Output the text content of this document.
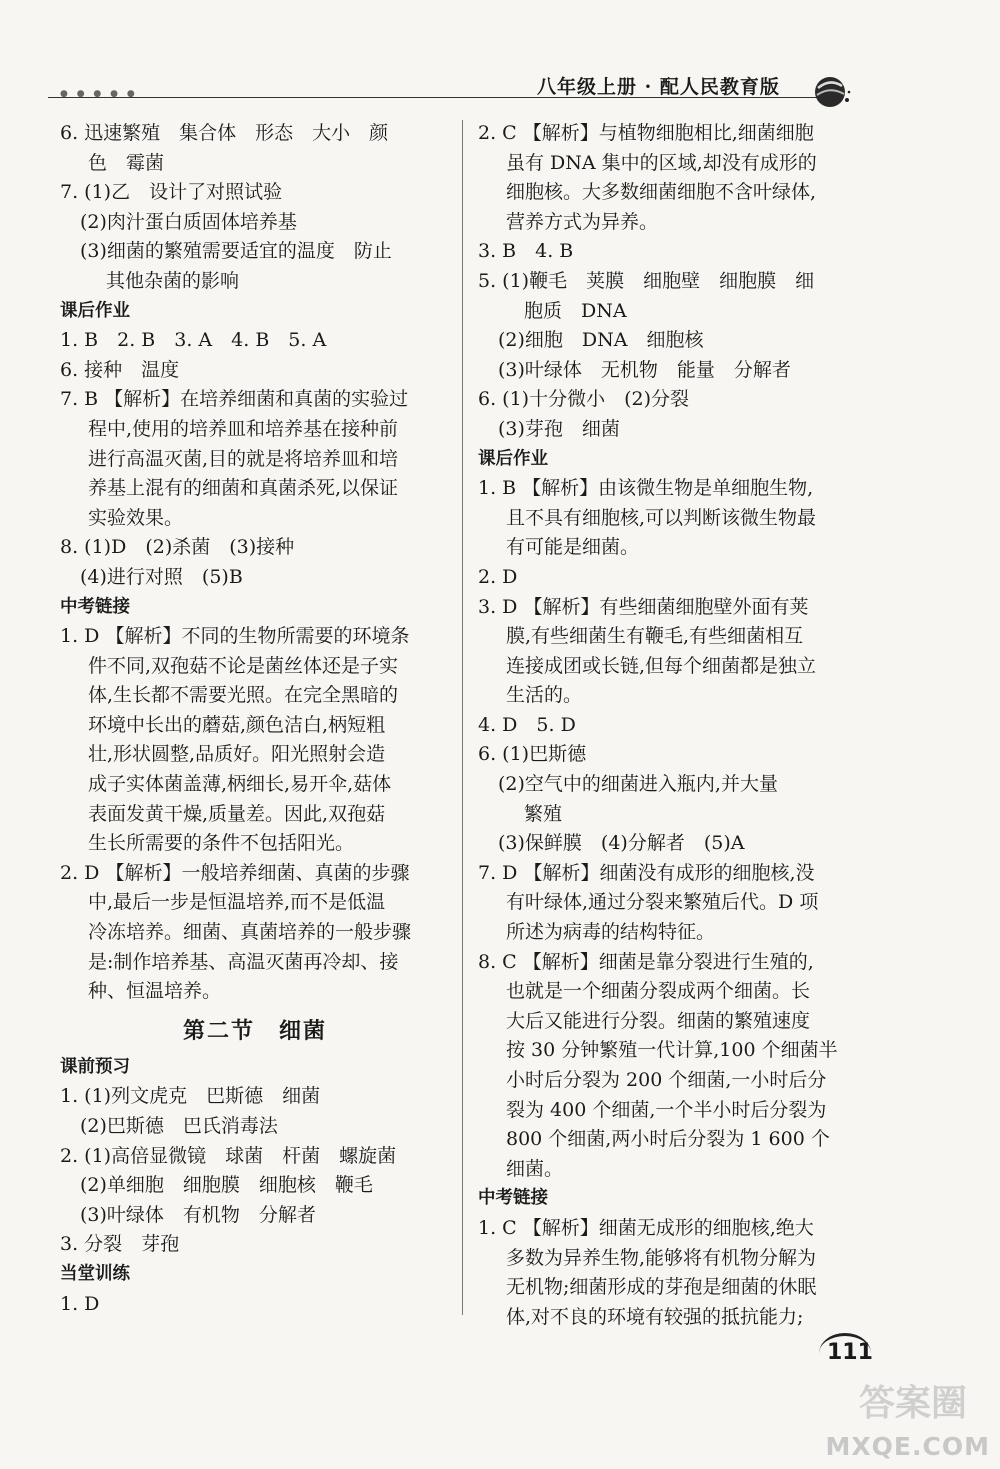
● ● ● ● ●	八年级上册 · 配人民教育版
6. 迅速繁殖　集合体　形态　大小　颜
色　霉菌
7. (1)乙　设计了对照试验
(2)肉汁蛋白质固体培养基
(3)细菌的繁殖需要适宜的温度　防止
其他杂菌的影响
课后作业
1. B　2. B　3. A　4. B　5. A
6. 接种　温度
7. B 【解析】在培养细菌和真菌的实验过
程中,使用的培养皿和培养基在接种前
进行高温灭菌,目的就是将培养皿和培
养基上混有的细菌和真菌杀死,以保证
实验效果。
8. (1)D　(2)杀菌　(3)接种
(4)进行对照　(5)B
中考链接
1. D 【解析】不同的生物所需要的环境条
件不同,双孢菇不论是菌丝体还是子实
体,生长都不需要光照。在完全黑暗的
环境中长出的蘑菇,颜色洁白,柄短粗
壮,形状圆整,品质好。阳光照射会造
成子实体菌盖薄,柄细长,易开伞,菇体
表面发黄干燥,质量差。因此,双孢菇
生长所需要的条件不包括阳光。
2. D 【解析】一般培养细菌、真菌的步骤
中,最后一步是恒温培养,而不是低温
冷冻培养。细菌、真菌培养的一般步骤
是:制作培养基、高温灭菌再冷却、接
种、恒温培养。
第二节　细菌
课前预习
1. (1)列文虎克　巴斯德　细菌
(2)巴斯德　巴氏消毒法
2. (1)高倍显微镜　球菌　杆菌　螺旋菌
(2)单细胞　细胞膜　细胞核　鞭毛
(3)叶绿体　有机物　分解者
3. 分裂　芽孢
当堂训练
1. D
2. C 【解析】与植物细胞相比,细菌细胞
虽有 DNA 集中的区域,却没有成形的
细胞核。大多数细菌细胞不含叶绿体,
营养方式为异养。
3. B　4. B
5. (1)鞭毛　荚膜　细胞壁　细胞膜　细
胞质　DNA
(2)细胞　DNA　细胞核
(3)叶绿体　无机物　能量　分解者
6. (1)十分微小　(2)分裂
(3)芽孢　细菌
课后作业
1. B 【解析】由该微生物是单细胞生物,
且不具有细胞核,可以判断该微生物最
有可能是细菌。
2. D
3. D 【解析】有些细菌细胞壁外面有荚
膜,有些细菌生有鞭毛,有些细菌相互
连接成团或长链,但每个细菌都是独立
生活的。
4. D　5. D
6. (1)巴斯德
(2)空气中的细菌进入瓶内,并大量
繁殖
(3)保鲜膜　(4)分解者　(5)A
7. D 【解析】细菌没有成形的细胞核,没
有叶绿体,通过分裂来繁殖后代。D 项
所述为病毒的结构特征。
8. C 【解析】细菌是靠分裂进行生殖的,
也就是一个细菌分裂成两个细菌。长
大后又能进行分裂。细菌的繁殖速度
按 30 分钟繁殖一代计算,100 个细菌半
小时后分裂为 200 个细菌,一小时后分
裂为 400 个细菌,一个半小时后分裂为
800 个细菌,两小时后分裂为 1 600 个
细菌。
中考链接
1. C 【解析】细菌无成形的细胞核,绝大
多数为异养生物,能够将有机物分解为
无机物;细菌形成的芽孢是细菌的休眠
体,对不良的环境有较强的抵抗能力;
111
答案圈
MXQE.COM
